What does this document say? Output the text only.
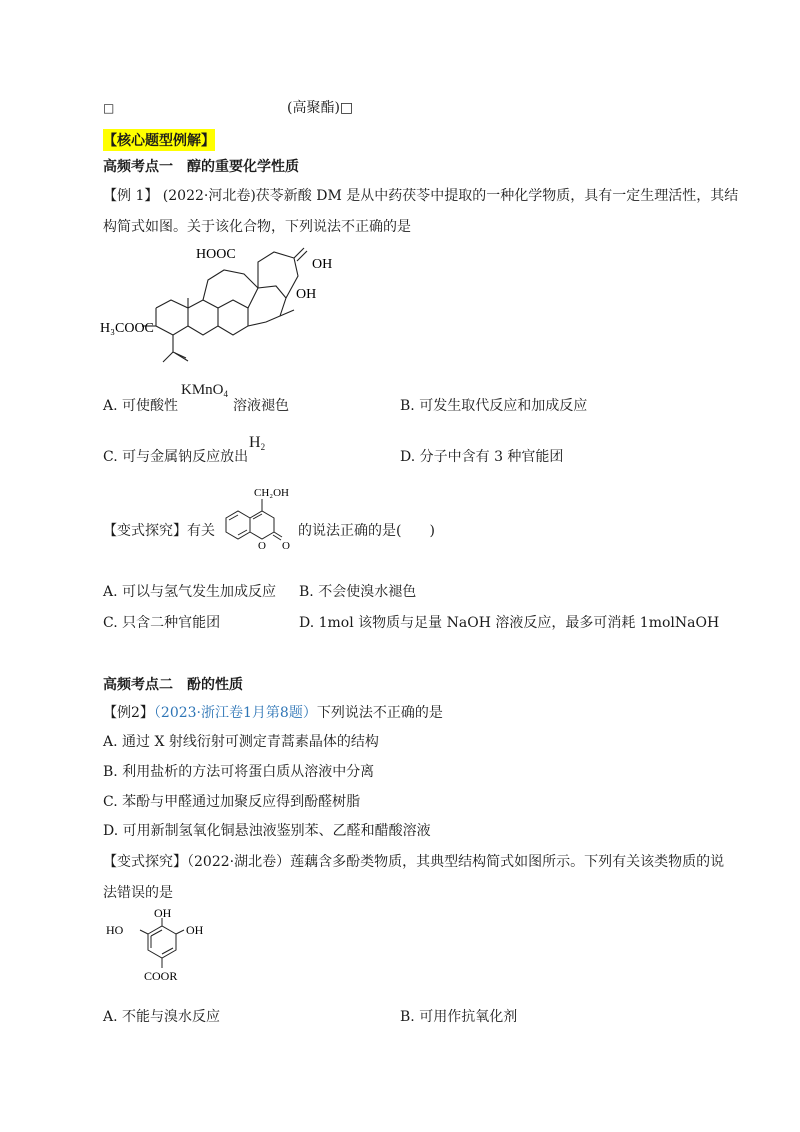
□	(高聚酯)□
【核心题型例解】
高频考点一　醇的重要化学性质
【例 1】 (2022·河北卷)茯苓新酸 DM 是从中药茯苓中提取的一种化学物质，具有一定生理活性，其结
构简式如图。关于该化合物，下列说法不正确的是
HOOC
OH
OH
H₃COOC
A. 可使酸性
KMnO$_4$
溶液褪色	B. 可发生取代反应和加成反应
C. 可与金属钠反应放出
$H_2$
D. 分子中含有 3 种官能团
【变式探究】有关
CH₂OH
O O
的说法正确的是(　　)
A. 可以与氢气发生加成反应 B. 不会使溴水褪色
C. 只含二种官能团	D. 1mol 该物质与足量 NaOH 溶液反应，最多可消耗 1molNaOH
高频考点二　酚的性质
【例2】（2023·浙江卷1月第8题）下列说法不正确的是
A. 通过 X 射线衍射可测定青蒿素晶体的结构
B. 利用盐析的方法可将蛋白质从溶液中分离
C. 苯酚与甲醛通过加聚反应得到酚醛树脂
D. 可用新制氢氧化铜悬浊液鉴别苯、乙醛和醋酸溶液
【变式探究】（2022·湖北卷）莲藕含多酚类物质，其典型结构简式如图所示。下列有关该类物质的说
法错误的是
OH
HO	OH
COOR
A. 不能与溴水反应	B. 可用作抗氧化剂
